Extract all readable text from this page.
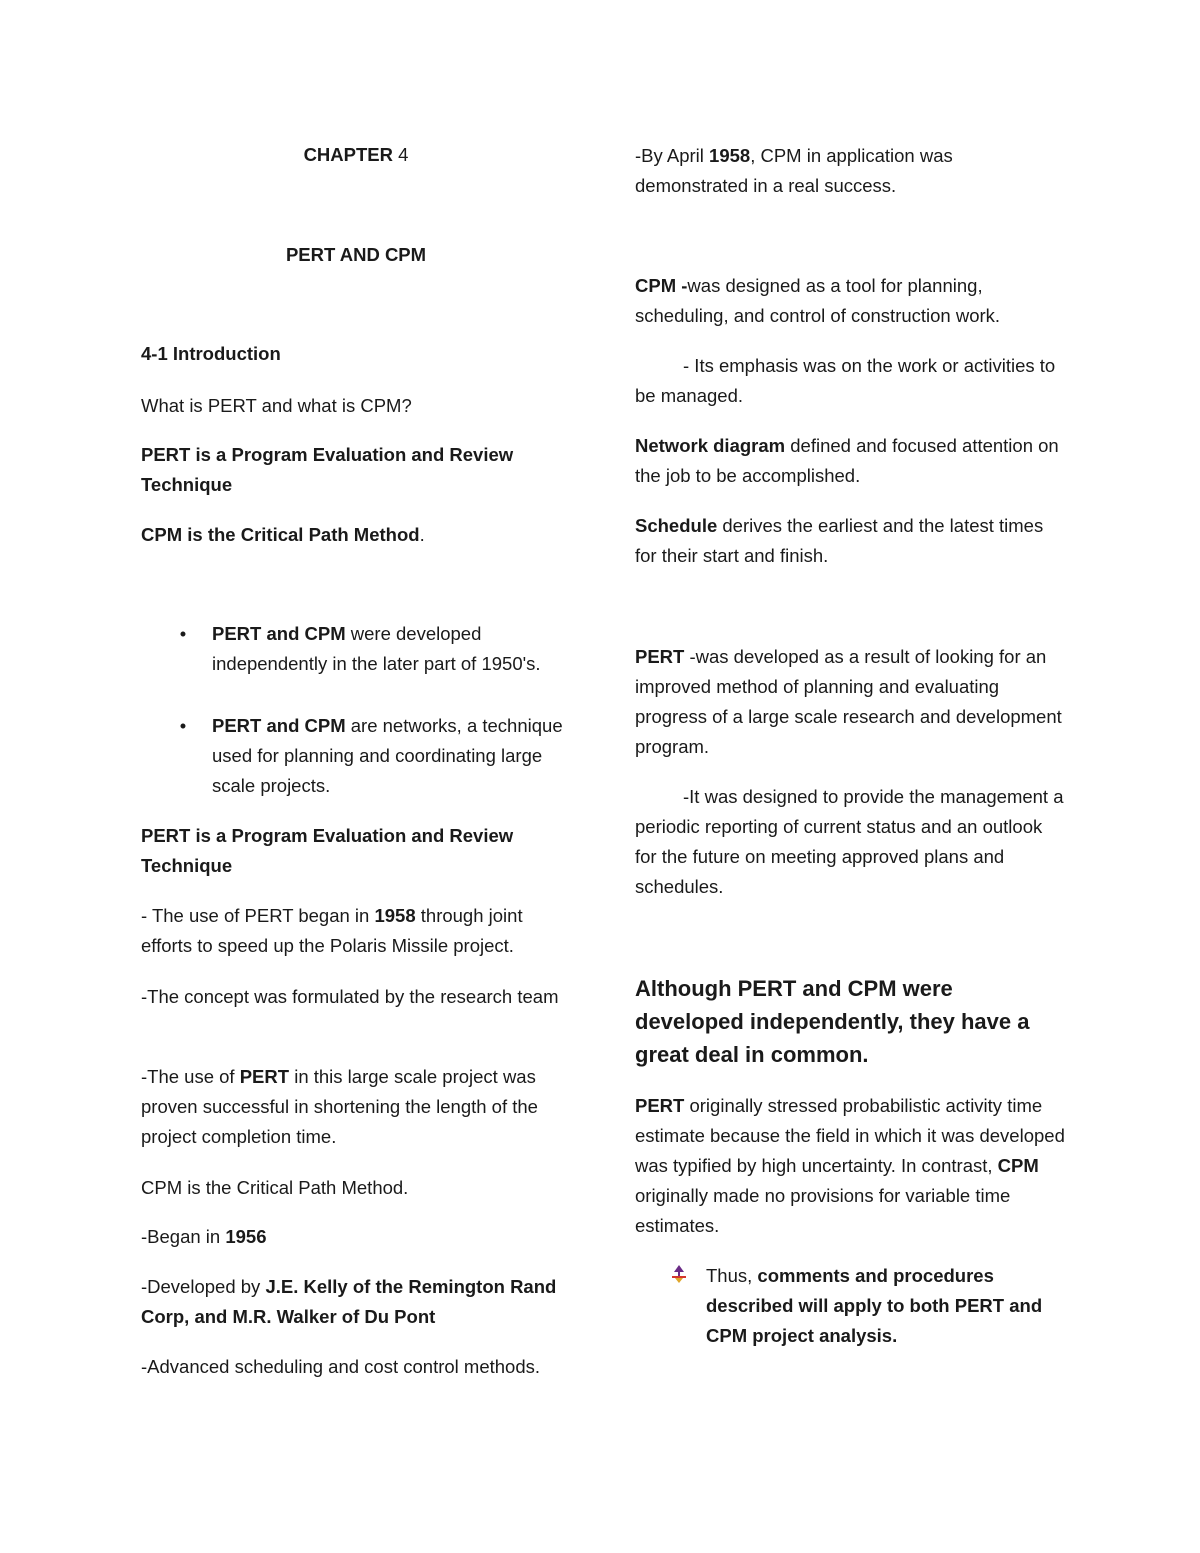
CHAPTER 4

PERT AND CPM

4-1 Introduction

What is PERT and what is CPM?

PERT is a Program Evaluation and Review Technique

CPM is the Critical Path Method.

•	PERT and CPM were developed independently in the later part of 1950's.
•	PERT and CPM are networks, a technique used for planning and coordinating large scale projects.

PERT is a Program Evaluation and Review Technique

- The use of PERT began in 1958 through joint efforts to speed up the Polaris Missile project.

-The concept was formulated by the research team

-The use of PERT in this large scale project was proven successful in shortening the length of the project completion time.

CPM is the Critical Path Method.

-Began in 1956

-Developed by J.E. Kelly of the Remington Rand Corp, and M.R. Walker of Du Pont

-Advanced scheduling and cost control methods.

-By April 1958, CPM in application was demonstrated in a real success.

CPM -was designed as a tool for planning, scheduling, and control of construction work.

- Its emphasis was on the work or activities to be managed.

Network diagram defined and focused attention on the job to be accomplished.

Schedule derives the earliest and the latest times for their start and finish.

PERT -was developed as a result of looking for an improved method of planning and evaluating progress of a large scale research and development program.

-It was designed to provide the management a periodic reporting of current status and an outlook for the future on meeting approved plans and schedules.

Although PERT and CPM were developed independently, they have a great deal in common.

PERT originally stressed probabilistic activity time estimate because the field in which it was developed was typified by high uncertainty. In contrast, CPM originally made no provisions for variable time estimates.

Thus, comments and procedures described will apply to both PERT and CPM project analysis.
